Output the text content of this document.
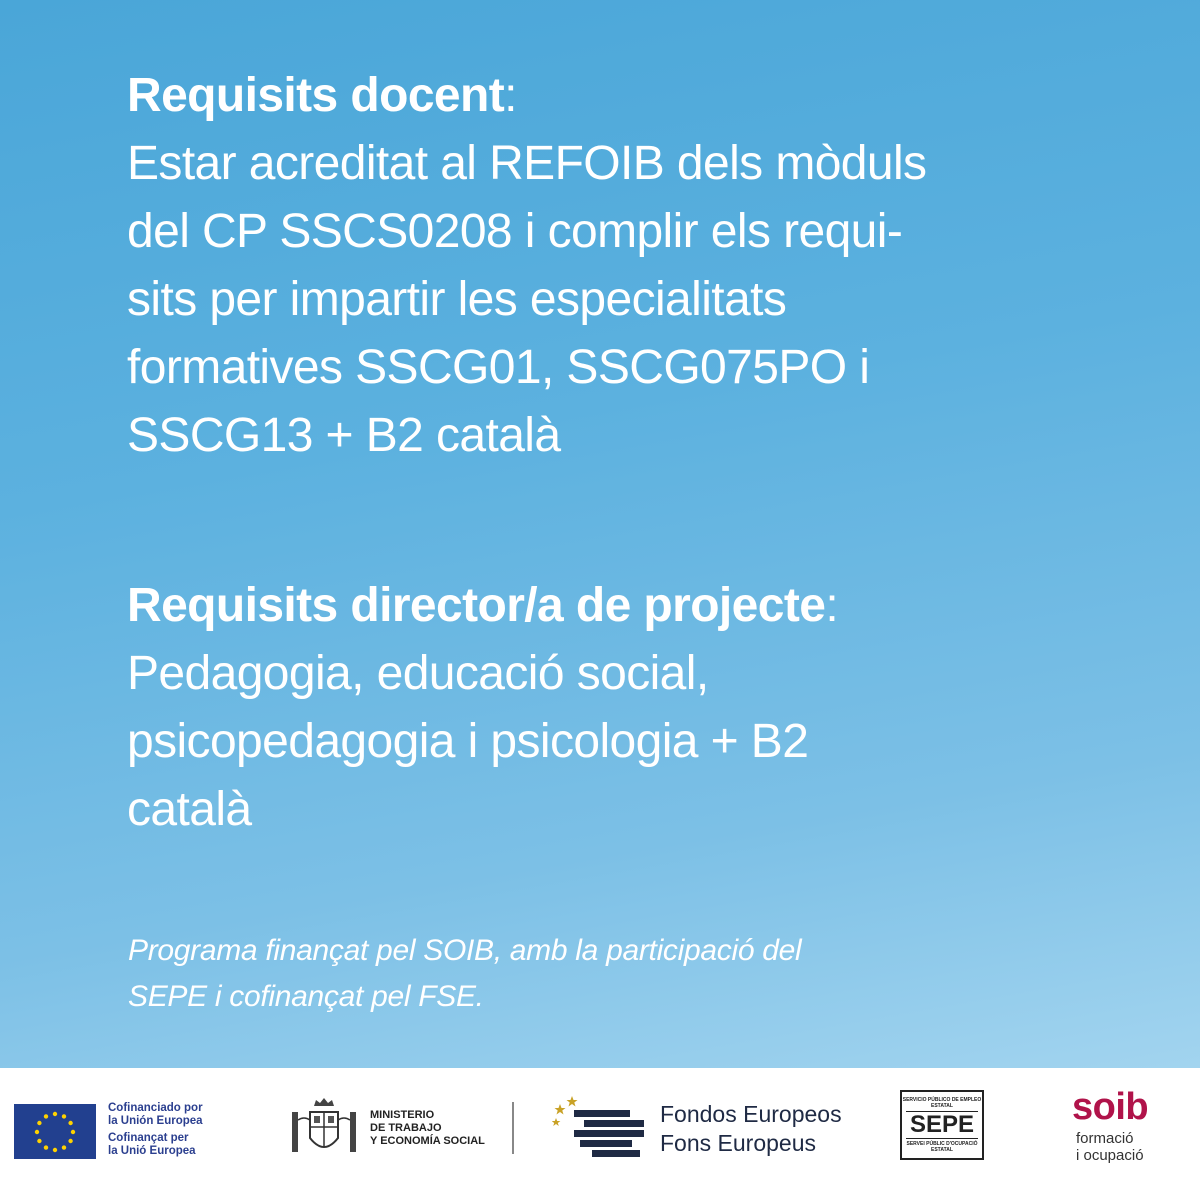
Requisits docent:
Estar acreditat al REFOIB dels mòduls
del CP SSCS0208 i complir els requi-
sits per impartir les especialitats
formatives SSCG01, SSCG075PO i
SSCG13 + B2 català
Requisits director/a de projecte:
Pedagogia, educació social,
psicopedagogia i psicologia + B2
català
Programa finançat pel SOIB, amb la participació del
SEPE i cofinançat pel FSE.
Cofinanciado por
la Unión Europea
Cofinançat per
la Unió Europea
MINISTERIO
DE TRABAJO
Y ECONOMÍA SOCIAL
Fondos Europeos
Fons Europeus
SERVICIO PÚBLICO DE EMPLEO ESTATAL
SEPE
SERVEI PÚBLIC D'OCUPACIÓ ESTATAL
soib
formació
i ocupació
